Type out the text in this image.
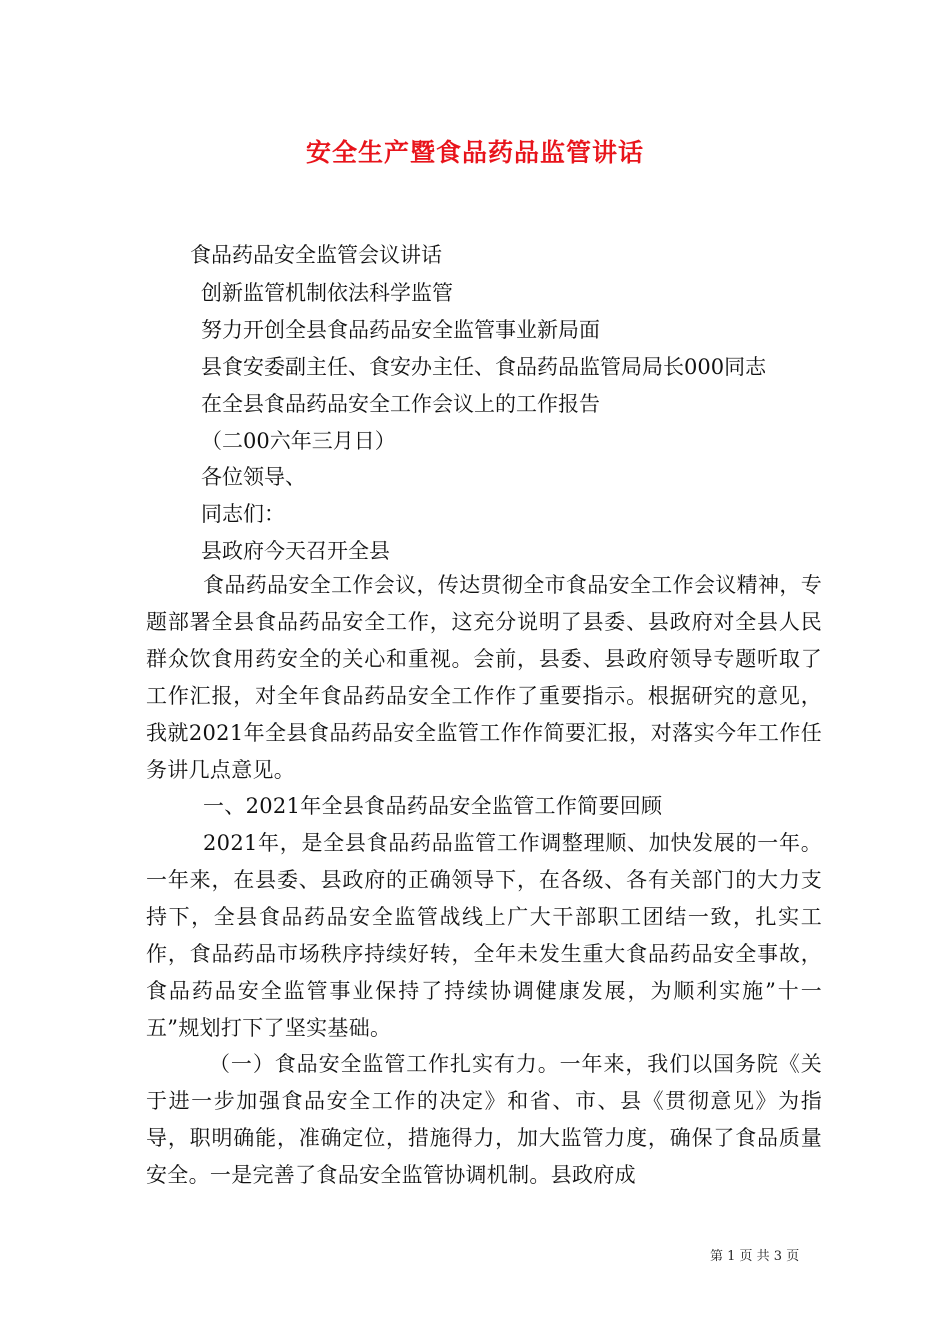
安全生产暨食品药品监管讲话
食品药品安全监管会议讲话
创新监管机制依法科学监管
努力开创全县食品药品安全监管事业新局面
县食安委副主任、食安办主任、食品药品监管局局长000同志
在全县食品药品安全工作会议上的工作报告
（二00六年三月日）
各位领导、
同志们：
县政府今天召开全县
食品药品安全工作会议，传达贯彻全市食品安全工作会议精神，专题部署全县食品药品安全工作，这充分说明了县委、县政府对全县人民群众饮食用药安全的关心和重视。会前，县委、县政府领导专题听取了工作汇报，对全年食品药品安全工作作了重要指示。根据研究的意见，我就2021年全县食品药品安全监管工作作简要汇报，对落实今年工作任务讲几点意见。
一、2021年全县食品药品安全监管工作简要回顾
2021年，是全县食品药品监管工作调整理顺、加快发展的一年。一年来，在县委、县政府的正确领导下，在各级、各有关部门的大力支持下，全县食品药品安全监管战线上广大干部职工团结一致，扎实工作，食品药品市场秩序持续好转，全年未发生重大食品药品安全事故，食品药品安全监管事业保持了持续协调健康发展，为顺利实施”十一五”规划打下了坚实基础。
（一）食品安全监管工作扎实有力。一年来，我们以国务院《关于进一步加强食品安全工作的决定》和省、市、县《贯彻意见》为指导，职明确能，准确定位，措施得力，加大监管力度，确保了食品质量安全。一是完善了食品安全监管协调机制。县政府成
第 1 页 共 3 页
